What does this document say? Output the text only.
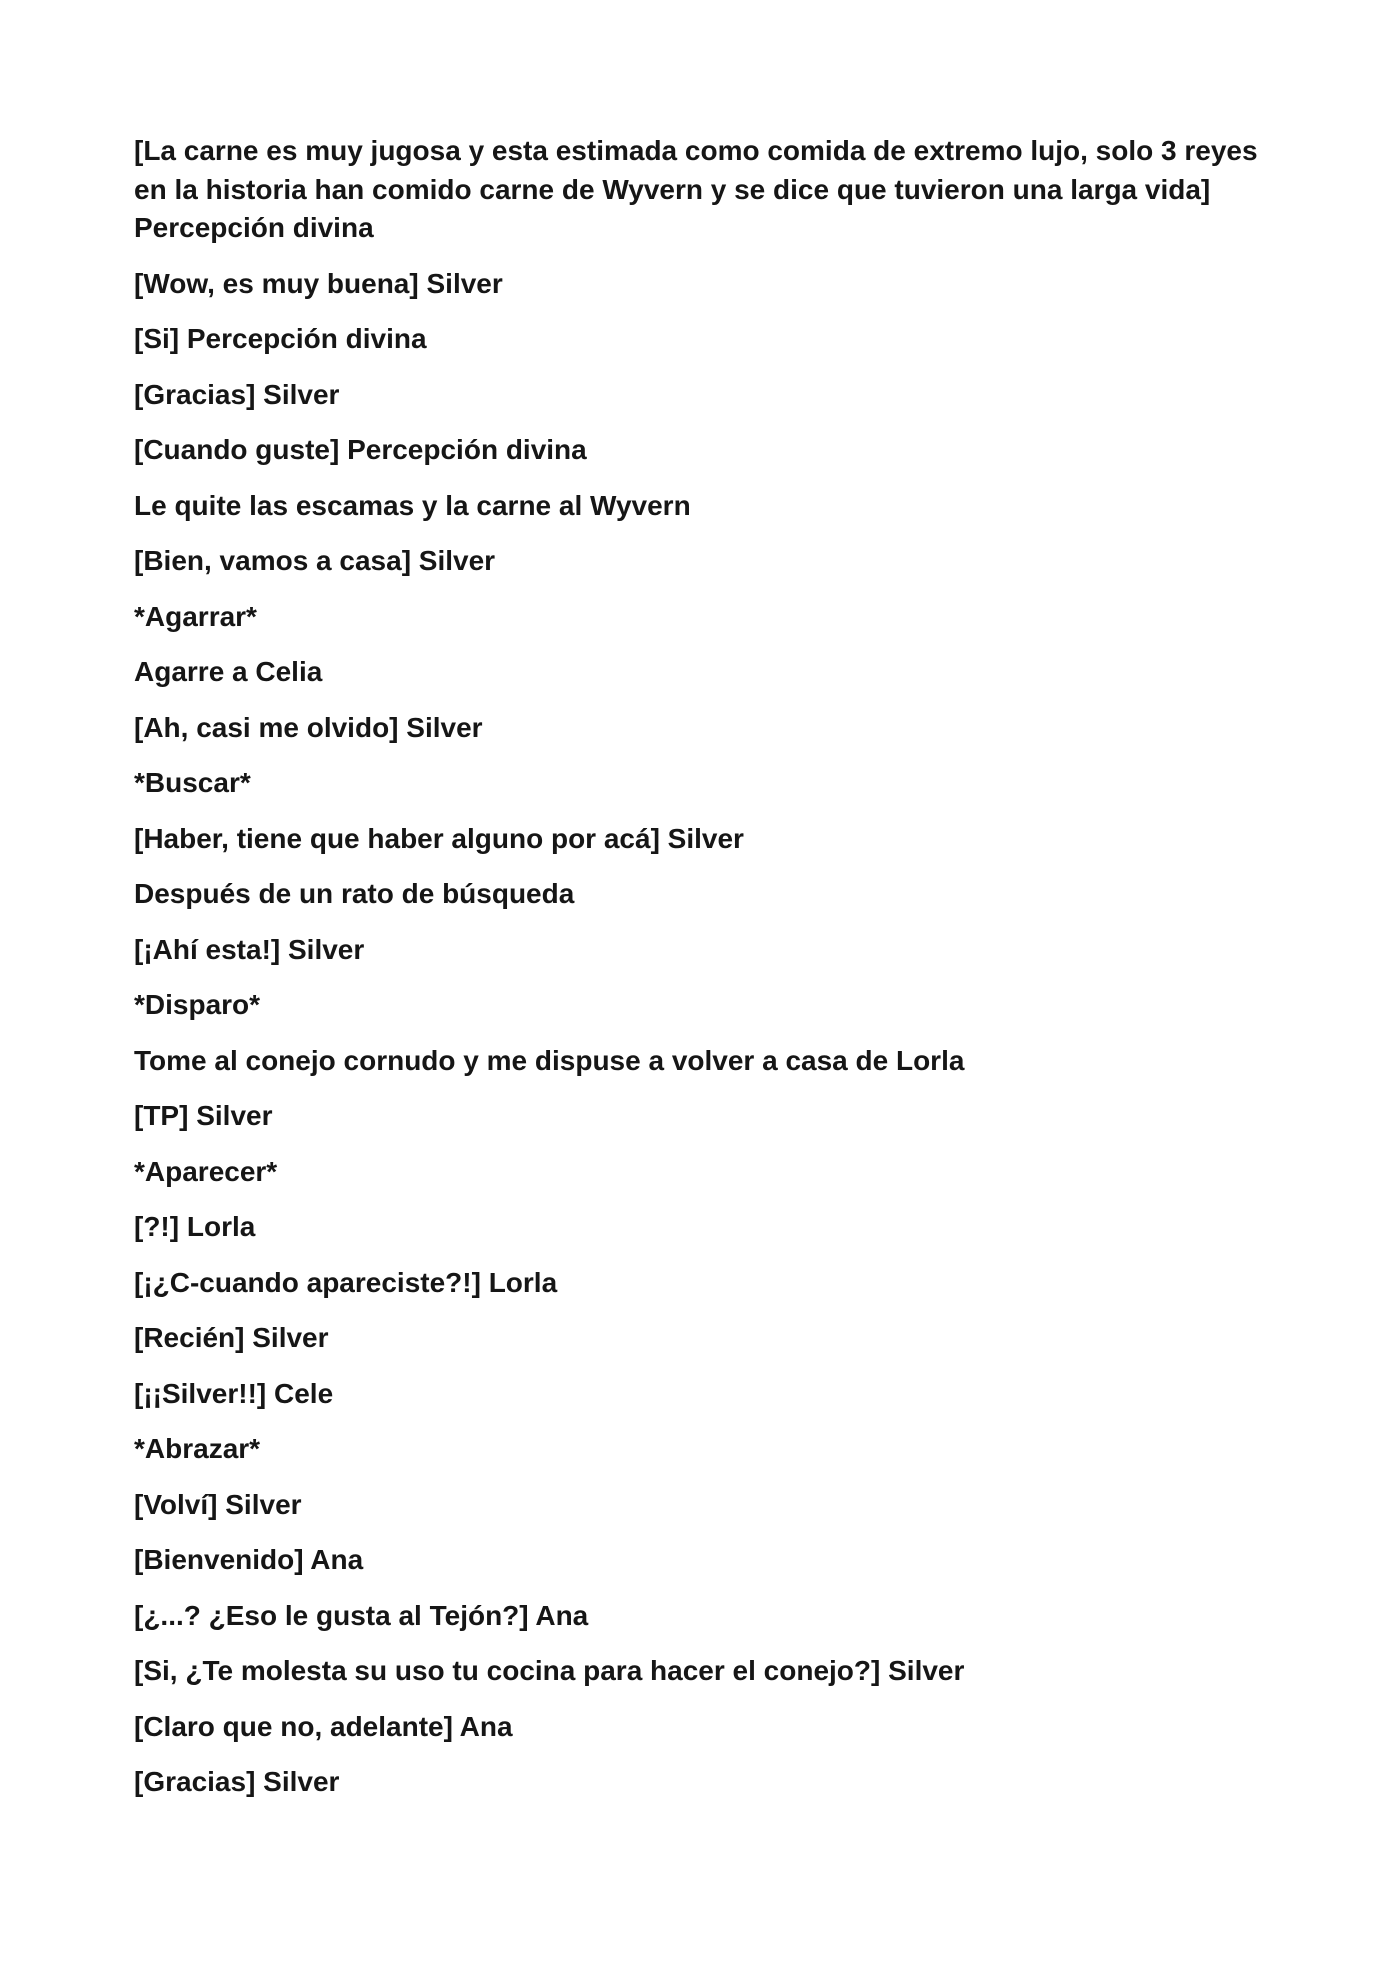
[La carne es muy jugosa y esta estimada como comida de extremo lujo, solo 3 reyes
en la historia han comido carne de Wyvern y se dice que tuvieron una larga vida]
Percepción divina

[Wow, es muy buena] Silver

[Si] Percepción divina

[Gracias] Silver

[Cuando guste] Percepción divina

Le quite las escamas y la carne al Wyvern

[Bien, vamos a casa] Silver

*Agarrar*

Agarre a Celia

[Ah, casi me olvido] Silver

*Buscar*

[Haber, tiene que haber alguno por acá] Silver

Después de un rato de búsqueda

[¡Ahí esta!] Silver

*Disparo*

Tome al conejo cornudo y me dispuse a volver a casa de Lorla

[TP] Silver

*Aparecer*

[?!] Lorla

[¡¿C-cuando apareciste?!] Lorla

[Recién] Silver

[¡¡Silver!!] Cele

*Abrazar*

[Volví] Silver

[Bienvenido] Ana

[¿...? ¿Eso le gusta al Tejón?] Ana

[Si, ¿Te molesta su uso tu cocina para hacer el conejo?] Silver

[Claro que no, adelante] Ana

[Gracias] Silver
